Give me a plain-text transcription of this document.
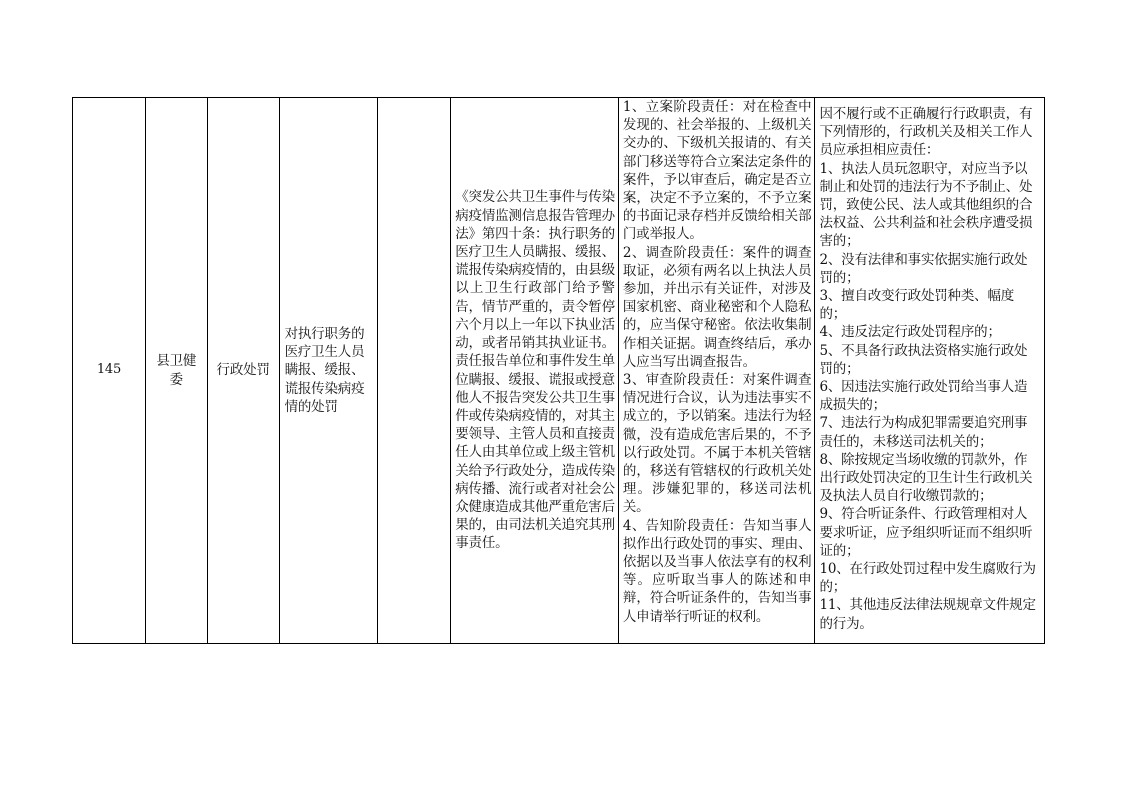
145
县卫健委
行政处罚
对执行职务的医疗卫生人员瞒报、缓报、谎报传染病疫情的处罚
《突发公共卫生事件与传染病疫情监测信息报告管理办法》第四十条：执行职务的医疗卫生人员瞒报、缓报、谎报传染病疫情的，由县级以上卫生行政部门给予警告，情节严重的，责令暂停六个月以上一年以下执业活动，或者吊销其执业证书。责任报告单位和事件发生单位瞒报、缓报、谎报或授意他人不报告突发公共卫生事件或传染病疫情的，对其主要领导、主管人员和直接责任人由其单位或上级主管机关给予行政处分，造成传染病传播、流行或者对社会公众健康造成其他严重危害后果的，由司法机关追究其刑事责任。
1、立案阶段责任：对在检查中发现的、社会举报的、上级机关交办的、下级机关报请的、有关部门移送等符合立案法定条件的案件，予以审查后，确定是否立案，决定不予立案的，不予立案的书面记录存档并反馈给相关部门或举报人。
2、调查阶段责任：案件的调查取证，必须有两名以上执法人员参加，并出示有关证件，对涉及国家机密、商业秘密和个人隐私的，应当保守秘密。依法收集制作相关证据。调查终结后，承办人应当写出调查报告。
3、审查阶段责任：对案件调查情况进行合议，认为违法事实不成立的，予以销案。违法行为轻微，没有造成危害后果的，不予以行政处罚。不属于本机关管辖的，移送有管辖权的行政机关处理。涉嫌犯罪的，移送司法机关。
4、告知阶段责任：告知当事人拟作出行政处罚的事实、理由、依据以及当事人依法享有的权利等。应听取当事人的陈述和申辩，符合听证条件的，告知当事人申请举行听证的权利。
因不履行或不正确履行行政职责，有下列情形的，行政机关及相关工作人员应承担相应责任：
1、执法人员玩忽职守，对应当予以制止和处罚的违法行为不予制止、处罚，致使公民、法人或其他组织的合法权益、公共利益和社会秩序遭受损害的；
2、没有法律和事实依据实施行政处罚的；
3、擅自改变行政处罚种类、幅度的；
4、违反法定行政处罚程序的；
5、不具备行政执法资格实施行政处罚的；
6、因违法实施行政处罚给当事人造成损失的；
7、违法行为构成犯罪需要追究刑事责任的，未移送司法机关的；
8、除按规定当场收缴的罚款外，作出行政处罚决定的卫生计生行政机关及执法人员自行收缴罚款的；
9、符合听证条件、行政管理相对人要求听证，应予组织听证而不组织听证的；
10、在行政处罚过程中发生腐败行为的；
11、其他违反法律法规规章文件规定的行为。
